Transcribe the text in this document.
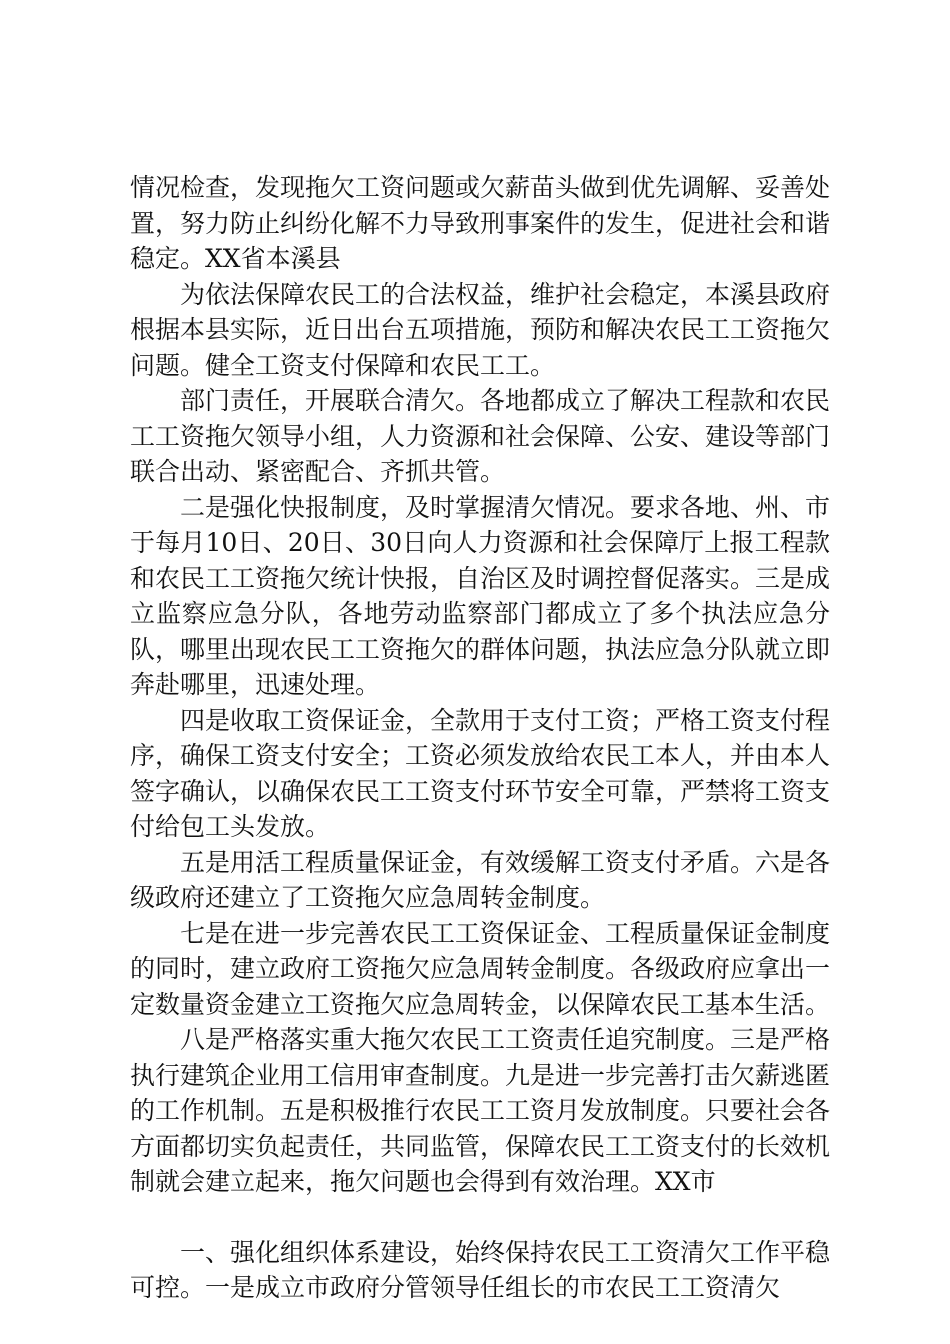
情况检查，发现拖欠工资问题或欠薪苗头做到优先调解、妥善处置，努力防止纠纷化解不力导致刑事案件的发生，促进社会和谐稳定。XX省本溪县

为依法保障农民工的合法权益，维护社会稳定，本溪县政府根据本县实际，近日出台五项措施，预防和解决农民工工资拖欠问题。健全工资支付保障和农民工工。

部门责任，开展联合清欠。各地都成立了解决工程款和农民工工资拖欠领导小组，人力资源和社会保障、公安、建设等部门联合出动、紧密配合、齐抓共管。

二是强化快报制度，及时掌握清欠情况。要求各地、州、市于每月10日、20日、30日向人力资源和社会保障厅上报工程款和农民工工资拖欠统计快报，自治区及时调控督促落实。三是成立监察应急分队，各地劳动监察部门都成立了多个执法应急分队，哪里出现农民工工资拖欠的群体问题，执法应急分队就立即奔赴哪里，迅速处理。

四是收取工资保证金，全款用于支付工资；严格工资支付程序，确保工资支付安全；工资必须发放给农民工本人，并由本人签字确认，以确保农民工工资支付环节安全可靠，严禁将工资支付给包工头发放。

五是用活工程质量保证金，有效缓解工资支付矛盾。六是各级政府还建立了工资拖欠应急周转金制度。

七是在进一步完善农民工工资保证金、工程质量保证金制度的同时，建立政府工资拖欠应急周转金制度。各级政府应拿出一定数量资金建立工资拖欠应急周转金，以保障农民工基本生活。

八是严格落实重大拖欠农民工工资责任追究制度。三是严格执行建筑企业用工信用审查制度。九是进一步完善打击欠薪逃匿的工作机制。五是积极推行农民工工资月发放制度。只要社会各方面都切实负起责任，共同监管，保障农民工工资支付的长效机制就会建立起来，拖欠问题也会得到有效治理。XX市

一、强化组织体系建设，始终保持农民工工资清欠工作平稳可控。一是成立市政府分管领导任组长的市农民工工资清欠
